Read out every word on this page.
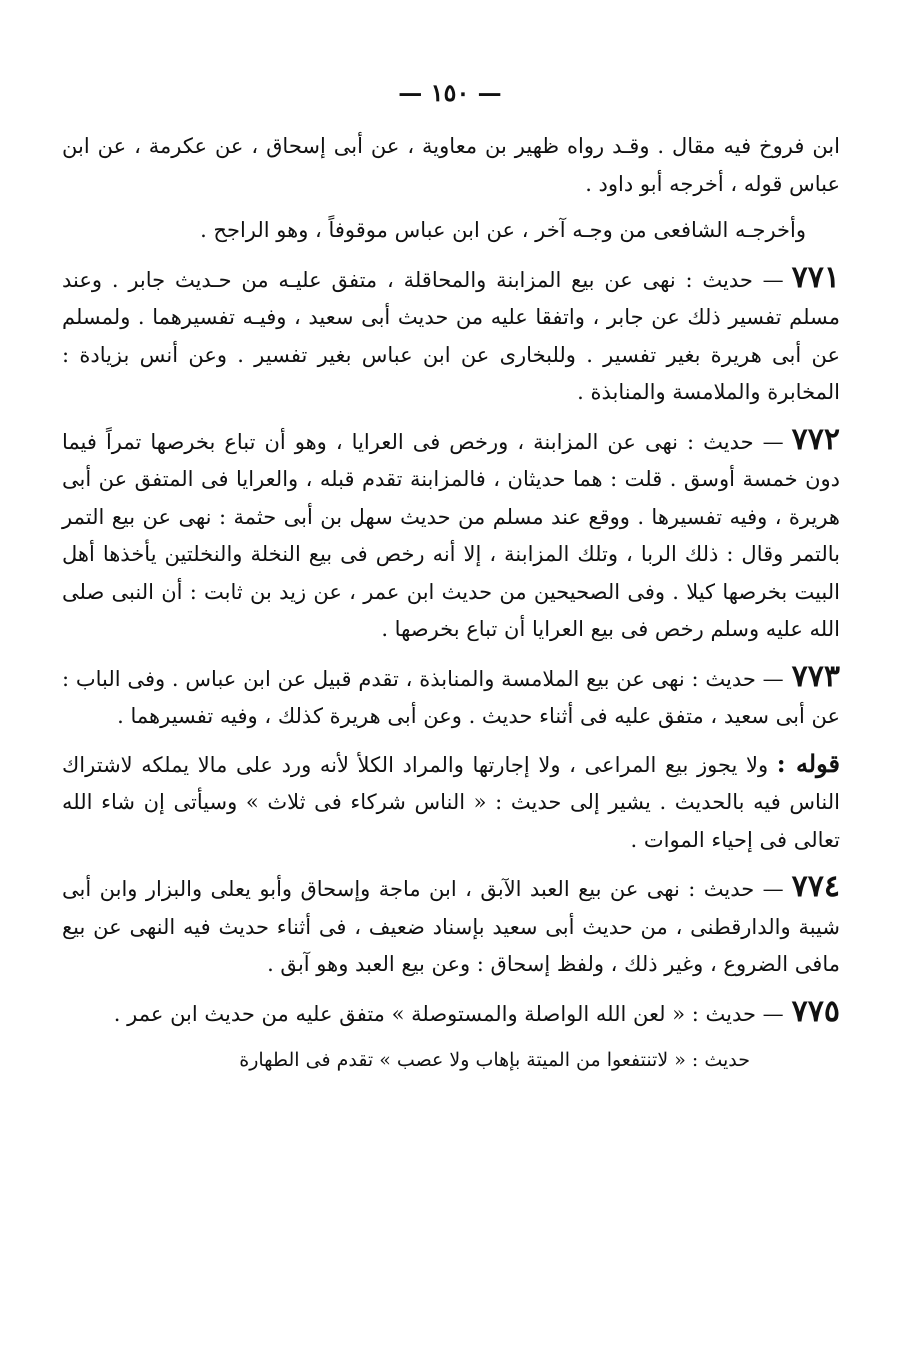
— ١٥٠ —

ابن فروخ فيه مقال . وقـد رواه ظهير بن معاوية ، عن أبى إسحاق ، عن عكرمة ، عن ابن عباس قوله ، أخرجه أبو داود .

وأخرجـه الشافعى من وجـه آخر ، عن ابن عباس موقوفاً ، وهو الراجح .

٧٧١— حديث : نهى عن بيع المزابنة والمحاقلة ، متفق عليـه من حـديث جابر . وعند مسلم تفسير ذلك عن جابر ، واتفقا عليه من حديث أبى سعيد ، وفيـه تفسيرهما . ولمسلم عن أبى هريرة بغير تفسير . وللبخارى عن ابن عباس بغير تفسير . وعن أنس بزيادة : المخابرة والملامسة والمنابذة .

٧٧٢— حديث : نهى عن المزابنة ، ورخص فى العرايا ، وهو أن تباع بخرصها تمراً فيما دون خمسة أوسق . قلت : هما حديثان ، فالمزابنة تقدم قبله ، والعرايا فى المتفق عن أبى هريرة ، وفيه تفسيرها . ووقع عند مسلم من حديث سهل بن أبى حثمة : نهى عن بيع التمر بالتمر وقال : ذلك الربا ، وتلك المزابنة ، إلا أنه رخص فى بيع النخلة والنخلتين يأخذها أهل البيت بخرصها كيلا . وفى الصحيحين من حديث ابن عمر ، عن زيد بن ثابت : أن النبى صلى الله عليه وسلم رخص فى بيع العرايا أن تباع بخرصها .

٧٧٣— حديث : نهى عن بيع الملامسة والمنابذة ، تقدم قبيل عن ابن عباس . وفى الباب : عن أبى سعيد ، متفق عليه فى أثناء حديث . وعن أبى هريرة كذلك ، وفيه تفسيرهما .

قوله : ولا يجوز بيع المراعى ، ولا إجارتها والمراد الكلأ لأنه ورد على مالا يملكه لاشتراك الناس فيه بالحديث . يشير إلى حديث : « الناس شركاء فى ثلاث » وسيأتى إن شاء الله تعالى فى إحياء الموات .

٧٧٤— حديث : نهى عن بيع العبد الآبق ، ابن ماجة وإسحاق وأبو يعلى والبزار وابن أبى شيبة والدارقطنى ، من حديث أبى سعيد بإسناد ضعيف ، فى أثناء حديث فيه النهى عن بيع مافى الضروع ، وغير ذلك ، ولفظ إسحاق : وعن بيع العبد وهو آبق .

٧٧٥— حديث : « لعن الله الواصلة والمستوصلة » متفق عليه من حديث ابن عمر .

حديث : « لاتنتفعوا من الميتة بإهاب ولا عصب » تقدم فى الطهارة
